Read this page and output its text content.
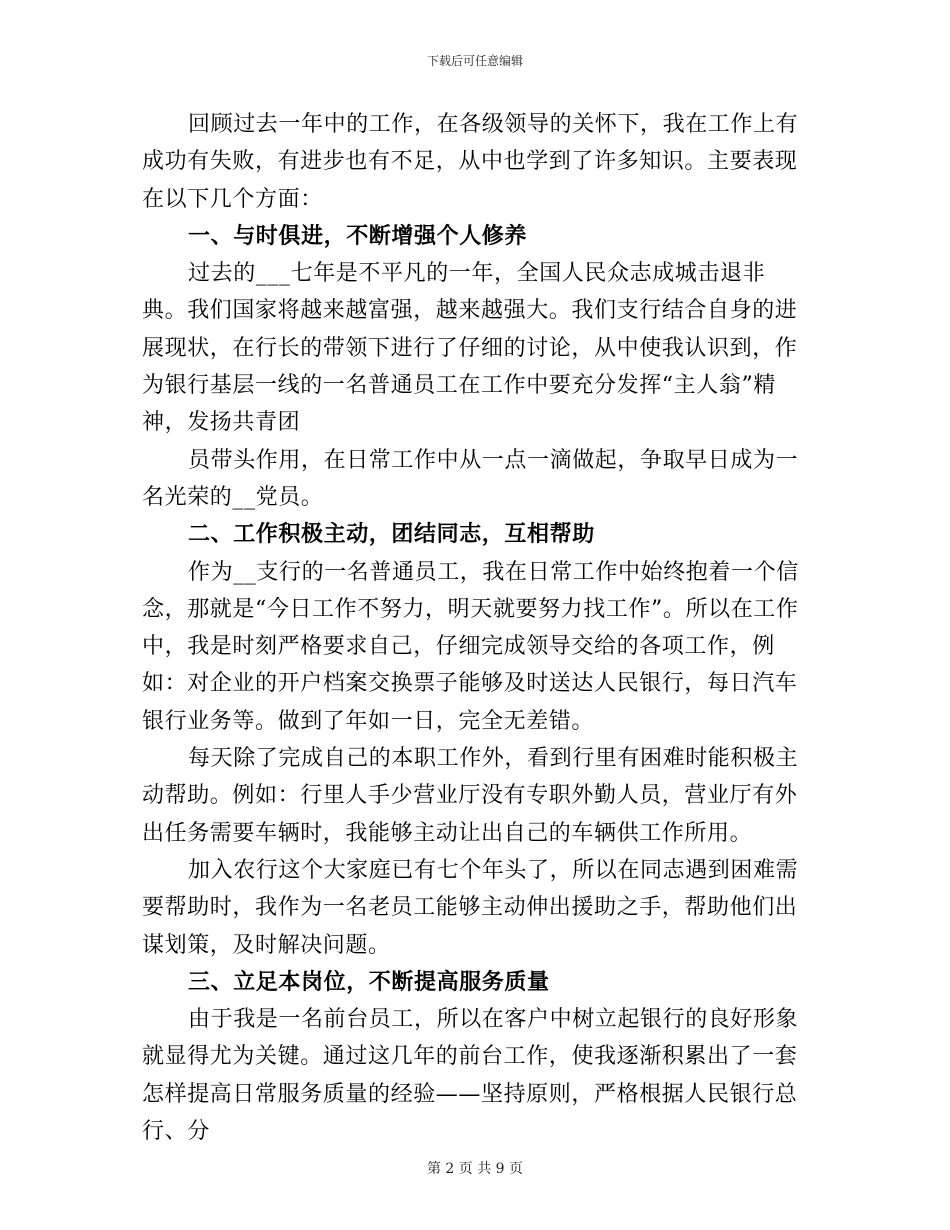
下载后可任意编辑

回顾过去一年中的工作，在各级领导的关怀下，我在工作上有成功有失败，有进步也有不足，从中也学到了许多知识。主要表现在以下几个方面：

一、与时俱进，不断增强个人修养

过去的___七年是不平凡的一年，全国人民众志成城击退非典。我们国家将越来越富强，越来越强大。我们支行结合自身的进展现状，在行长的带领下进行了仔细的讨论，从中使我认识到，作为银行基层一线的一名普通员工在工作中要充分发挥“主人翁”精神，发扬共青团

员带头作用，在日常工作中从一点一滴做起，争取早日成为一名光荣的__党员。

二、工作积极主动，团结同志，互相帮助

作为__支行的一名普通员工，我在日常工作中始终抱着一个信念，那就是“今日工作不努力，明天就要努力找工作”。所以在工作中，我是时刻严格要求自己，仔细完成领导交给的各项工作，例如：对企业的开户档案交换票子能够及时送达人民银行，每日汽车银行业务等。做到了年如一日，完全无差错。

每天除了完成自己的本职工作外，看到行里有困难时能积极主动帮助。例如：行里人手少营业厅没有专职外勤人员，营业厅有外出任务需要车辆时，我能够主动让出自己的车辆供工作所用。

加入农行这个大家庭已有七个年头了，所以在同志遇到困难需要帮助时，我作为一名老员工能够主动伸出援助之手，帮助他们出谋划策，及时解决问题。

三、立足本岗位，不断提高服务质量

由于我是一名前台员工，所以在客户中树立起银行的良好形象就显得尤为关键。通过这几年的前台工作，使我逐渐积累出了一套怎样提高日常服务质量的经验——坚持原则，严格根据人民银行总行、分

第 2 页 共 9 页
